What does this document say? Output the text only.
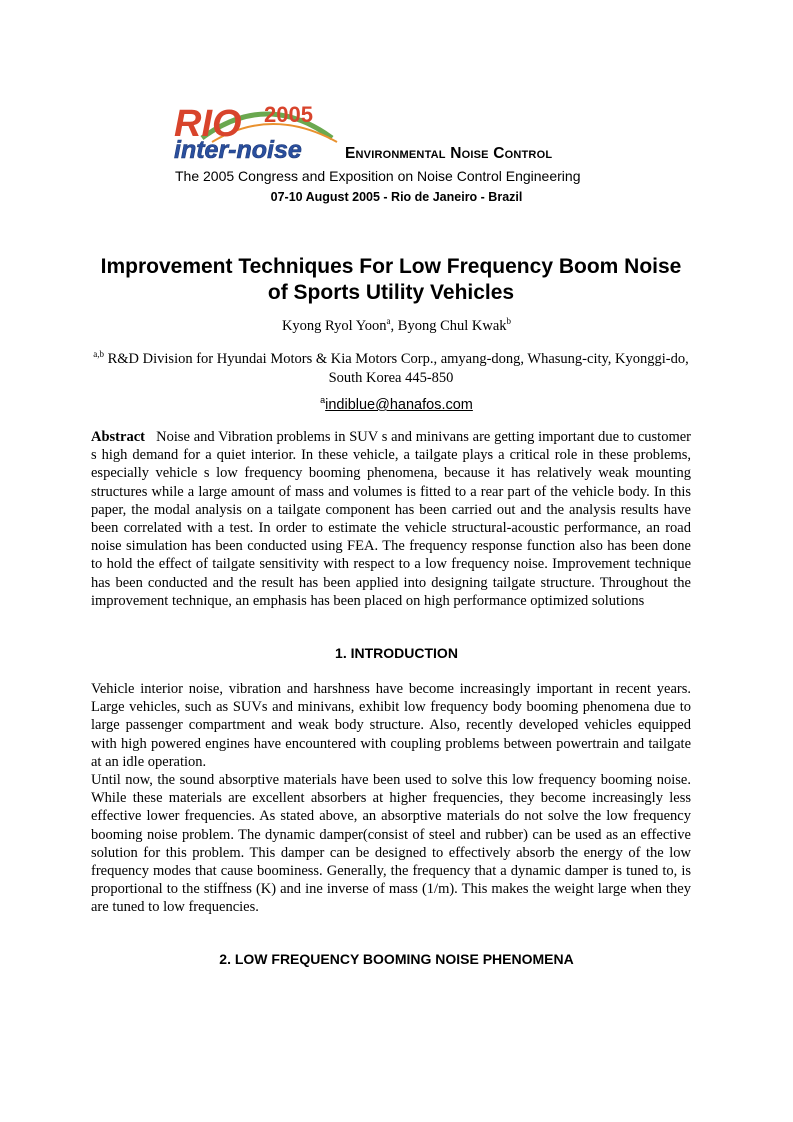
RIO 2005
inter-noise	Environmental Noise Control
The 2005 Congress and Exposition on Noise Control Engineering
07-10 August 2005 - Rio de Janeiro - Brazil
Improvement Techniques For Low Frequency Boom Noise of Sports Utility Vehicles
Kyong Ryol Yoon$^a$, Byong Chul Kwak$^b$
$^{a,b}$ R&D Division for Hyundai Motors & Kia Motors Corp., amyang-dong, Whasung-city, Kyonggi-do, South Korea 445-850
$^a$indiblue@hanafos.com
Abstract Noise and Vibration problems in SUV s and minivans are getting important due to customer s high demand for a quiet interior. In these vehicle, a tailgate plays a critical role in these problems, especially vehicle s low frequency booming phenomena, because it has relatively weak mounting structures while a large amount of mass and volumes is fitted to a rear part of the vehicle body. In this paper, the modal analysis on a tailgate component has been carried out and the analysis results have been correlated with a test. In order to estimate the vehicle structural-acoustic performance, an road noise simulation has been conducted using FEA. The frequency response function also has been done to hold the effect of tailgate sensitivity with respect to a low frequency noise. Improvement technique has been conducted and the result has been applied into designing tailgate structure. Throughout the improvement technique, an emphasis has been placed on high performance optimized solutions
1. INTRODUCTION
Vehicle interior noise, vibration and harshness have become increasingly important in recent years. Large vehicles, such as SUVs and minivans, exhibit low frequency body booming phenomena due to large passenger compartment and weak body structure. Also, recently developed vehicles equipped with high powered engines have encountered with coupling problems between powertrain and tailgate at an idle operation.
Until now, the sound absorptive materials have been used to solve this low frequency booming noise. While these materials are excellent absorbers at higher frequencies, they become increasingly less effective lower frequencies. As stated above, an absorptive materials do not solve the low frequency booming noise problem. The dynamic damper(consist of steel and rubber) can be used as an effective solution for this problem. This damper can be designed to effectively absorb the energy of the low frequency modes that cause boominess. Generally, the frequency that a dynamic damper is tuned to, is proportional to the stiffness (K) and ine inverse of mass (1/m). This makes the weight large when they are tuned to low frequencies.
2. LOW FREQUENCY BOOMING NOISE PHENOMENA
